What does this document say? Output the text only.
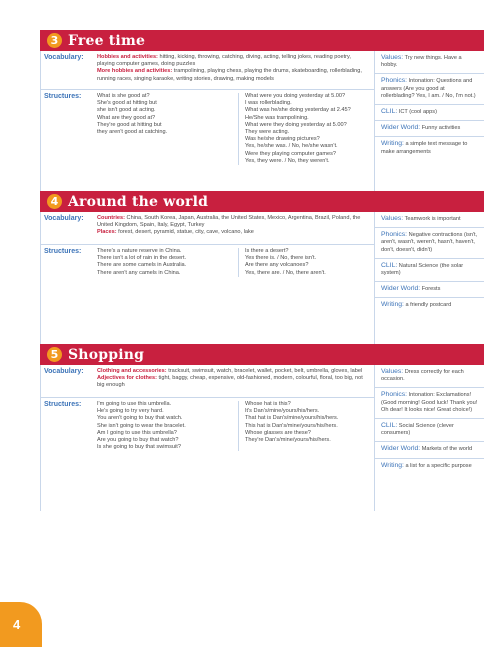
3 Free time
Vocabulary:	Hobbies and activities: hitting, kicking, throwing, catching, diving, acting, telling jokes, reading poetry, playing computer games, doing puzzles
More hobbies and activities: trampolining, playing chess, playing the drums, skateboarding, rollerblading, running races, singing karaoke, writing stories, drawing, making models
Structures:	What is she good at?
She's good at hitting but
she isn't good at acting.
What are they good at?
They're good at hitting but
they aren't good at catching.
What were you doing yesterday at 5.00?
I was rollerblading.
What was he/she doing yesterday at 2.45?
He/She was trampolining.
What were they doing yesterday at 5.00?
They were acting.
Was he/she drawing pictures?
Yes, he/she was. / No, he/she wasn't.
Were they playing computer games?
Yes, they were. / No, they weren't.
Values: Try new things. Have a hobby.
Phonics: Intonation: Questions and answers (Are you good at rollerblading? Yes, I am. / No, I'm not.)
CLIL: ICT (cool apps)
Wider World: Funny activities
Writing: a simple text message to make arrangements
4 Around the world
Vocabulary:	Countries: China, South Korea, Japan, Australia, the United States, Mexico, Argentina, Brazil, Poland, the United Kingdom, Spain, Italy, Egypt, Turkey
Places: forest, desert, pyramid, statue, city, cave, volcano, lake
Structures:	There's a nature reserve in China.
There isn't a lot of rain in the desert.
There are some camels in Australia.
There aren't any camels in China.
Is there a desert?
Yes there is. / No, there isn't.
Are there any volcanoes?
Yes, there are. / No, there aren't.
Values: Teamwork is important
Phonics: Negative contractions (isn't, aren't, wasn't, weren't, hasn't, haven't, don't, doesn't, didn't)
CLIL: Natural Science (the solar system)
Wider World: Forests
Writing: a friendly postcard
5 Shopping
Vocabulary:	Clothing and accessories: tracksuit, swimsuit, watch, bracelet, wallet, pocket, belt, umbrella, gloves, label
Adjectives for clothes: tight, baggy, cheap, expensive, old-fashioned, modern, colourful, floral, too big, not big enough
Structures:	I'm going to use this umbrella.
He's going to try very hard.
You aren't going to buy that watch.
She isn't going to wear the bracelet.
Am I going to use this umbrella?
Are you going to buy that watch?
Is she going to buy that swimsuit?
Whose hat is this?
It's Dan's/mine/yours/his/hers.
That hat is Dan's/mine/yours/his/hers.
This hat is Dan's/mine/yours/his/hers.
Whose glasses are these?
They're Dan's/mine/yours/his/hers.
Values: Dress correctly for each occasion.
Phonics: Intonation: Exclamations! (Good morning! Good luck! Thank you! Oh dear! It looks nice! Great choice!)
CLIL: Social Science (clever consumers)
Wider World: Markets of the world
Writing: a list for a specific purpose
4
